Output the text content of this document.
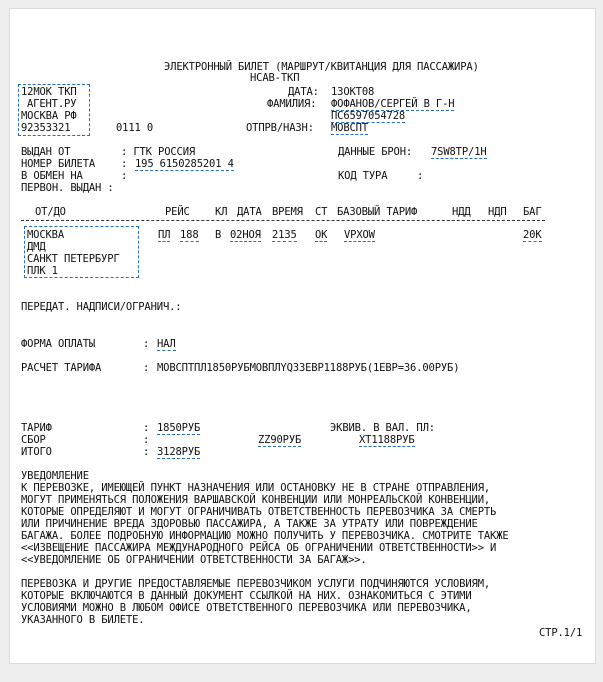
ЭЛЕКТРОННЫЙ БИЛЕТ (МАРШРУТ/КВИТАНЦИЯ ДЛЯ ПАССАЖИРА)
НСАВ-ТКП
12МОК ТКП
АГЕНТ.РУ
МОСКВА РФ
92353321	0111 0
ДАТА: 13ОКТ08
ФАМИЛИЯ: ФОФАНОВ/СЕРГЕЙ В Г-Н
ПС6597054728
ОТПРВ/НАЗН: МОВСПТ
ВЫДАН ОТ	: ГТК РОССИЯ	ДАННЫЕ БРОН: 7SW8TP/1H
НОМЕР БИЛЕТА : 195 6150285201 4
В ОБМЕН НА	:	КОД ТУРА	:
ПЕРВОН. ВЫДАН :
ОТ/ДО	РЕЙС КЛ ДАТА ВРЕМЯ СТ БАЗОВЫЙ ТАРИФ	НДД НДП БАГ
МОСКВА
ДМД
САНКТ ПЕТЕРБУРГ
ПЛК 1
ПЛ 188 В 02НОЯ 2135 ОК VPXOW	20К
ПЕРЕДАТ. НАДПИСИ/ОГРАНИЧ.:
ФОРМА ОПЛАТЫ	: НАЛ
РАСЧЕТ ТАРИФА	: МОВСПТПЛ1850РУБМОВПЛYQ33ЕВР1188РУБ(1ЕВР=36.00РУБ)
ТАРИФ	: 1850РУБ	ЭКВИВ. В ВАЛ. ПЛ:
СБОР	:	ZZ90РУБ	XT1188РУБ
ИТОГО	: 3128РУБ
УВЕДОМЛЕНИЕ
К ПЕРЕВОЗКЕ, ИМЕЮЩЕЙ ПУНКТ НАЗНАЧЕНИЯ ИЛИ ОСТАНОВКУ НЕ В СТРАНЕ ОТПРАВЛЕНИЯ,
МОГУТ ПРИМЕНЯТЬСЯ ПОЛОЖЕНИЯ ВАРШАВСКОЙ КОНВЕНЦИИ ИЛИ МОНРЕАЛЬСКОЙ КОНВЕНЦИИ,
КОТОРЫЕ ОПРЕДЕЛЯЮТ И МОГУТ ОГРАНИЧИВАТЬ ОТВЕТСТВЕННОСТЬ ПЕРЕВОЗЧИКА ЗА СМЕРТЬ
ИЛИ ПРИЧИНЕНИЕ ВРЕДА ЗДОРОВЬЮ ПАССАЖИРА, А ТАКЖЕ ЗА УТРАТУ ИЛИ ПОВРЕЖДЕНИЕ
БАГАЖА. БОЛЕЕ ПОДРОБНУЮ ИНФОРМАЦИЮ МОЖНО ПОЛУЧИТЬ У ПЕРЕВОЗЧИКА. СМОТРИТЕ ТАКЖЕ
<<ИЗВЕЩЕНИЕ ПАССАЖИРА МЕЖДУНАРОДНОГО РЕЙСА ОБ ОГРАНИЧЕНИИ ОТВЕТСТВЕННОСТИ>> И
<<УВЕДОМЛЕНИЕ ОБ ОГРАНИЧЕНИИ ОТВЕТСТВЕННОСТИ ЗА БАГАЖ>>.
ПЕРЕВОЗКА И ДРУГИЕ ПРЕДОСТАВЛЯЕМЫЕ ПЕРЕВОЗЧИКОМ УСЛУГИ ПОДЧИНЯЮТСЯ УСЛОВИЯМ,
КОТОРЫЕ ВКЛЮЧАЮТСЯ В ДАННЫЙ ДОКУМЕНТ ССЫЛКОЙ НА НИХ. ОЗНАКОМИТЬСЯ С ЭТИМИ
УСЛОВИЯМИ МОЖНО В ЛЮБОМ ОФИСЕ ОТВЕТСТВЕННОГО ПЕРЕВОЗЧИКА ИЛИ ПЕРЕВОЗЧИКА,
УКАЗАННОГО В БИЛЕТЕ.
СТР.1/1
